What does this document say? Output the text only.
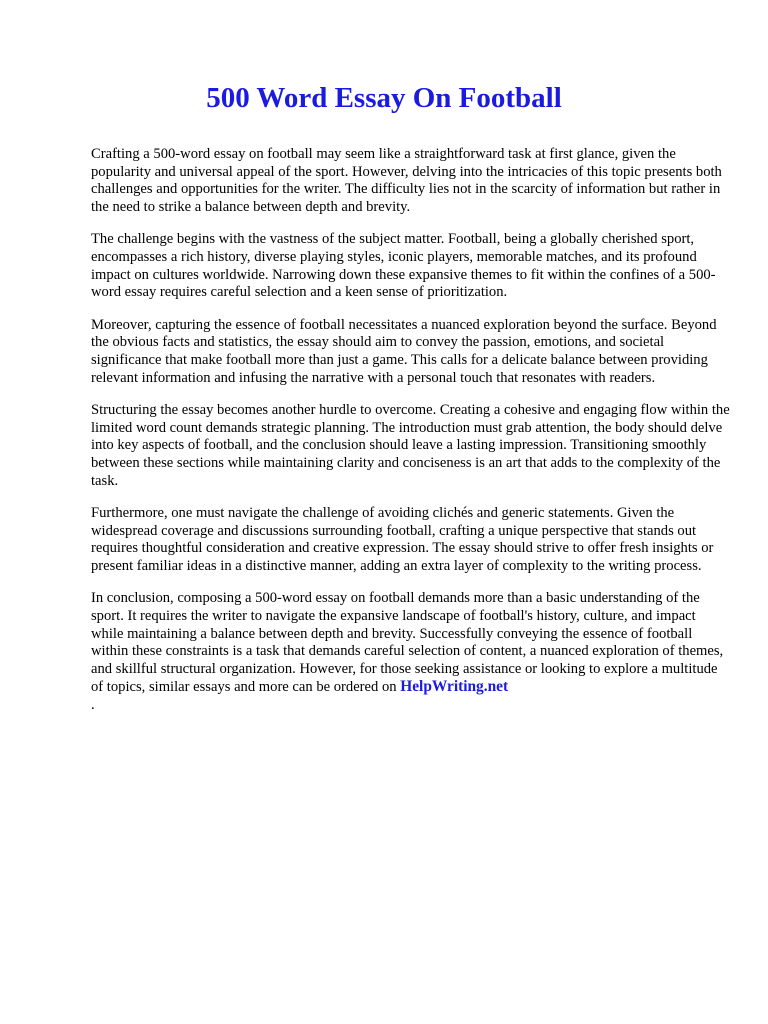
500 Word Essay On Football

Crafting a 500-word essay on football may seem like a straightforward task at first glance, given the popularity and universal appeal of the sport. However, delving into the intricacies of this topic presents both challenges and opportunities for the writer. The difficulty lies not in the scarcity of information but rather in the need to strike a balance between depth and brevity.

The challenge begins with the vastness of the subject matter. Football, being a globally cherished sport, encompasses a rich history, diverse playing styles, iconic players, memorable matches, and its profound impact on cultures worldwide. Narrowing down these expansive themes to fit within the confines of a 500-word essay requires careful selection and a keen sense of prioritization.

Moreover, capturing the essence of football necessitates a nuanced exploration beyond the surface. Beyond the obvious facts and statistics, the essay should aim to convey the passion, emotions, and societal significance that make football more than just a game. This calls for a delicate balance between providing relevant information and infusing the narrative with a personal touch that resonates with readers.

Structuring the essay becomes another hurdle to overcome. Creating a cohesive and engaging flow within the limited word count demands strategic planning. The introduction must grab attention, the body should delve into key aspects of football, and the conclusion should leave a lasting impression. Transitioning smoothly between these sections while maintaining clarity and conciseness is an art that adds to the complexity of the task.

Furthermore, one must navigate the challenge of avoiding clichés and generic statements. Given the widespread coverage and discussions surrounding football, crafting a unique perspective that stands out requires thoughtful consideration and creative expression. The essay should strive to offer fresh insights or present familiar ideas in a distinctive manner, adding an extra layer of complexity to the writing process.

In conclusion, composing a 500-word essay on football demands more than a basic understanding of the sport. It requires the writer to navigate the expansive landscape of football's history, culture, and impact while maintaining a balance between depth and brevity. Successfully conveying the essence of football within these constraints is a task that demands careful selection of content, a nuanced exploration of themes, and skillful structural organization. However, for those seeking assistance or looking to explore a multitude of topics, similar essays and more can be ordered on HelpWriting.net
.
